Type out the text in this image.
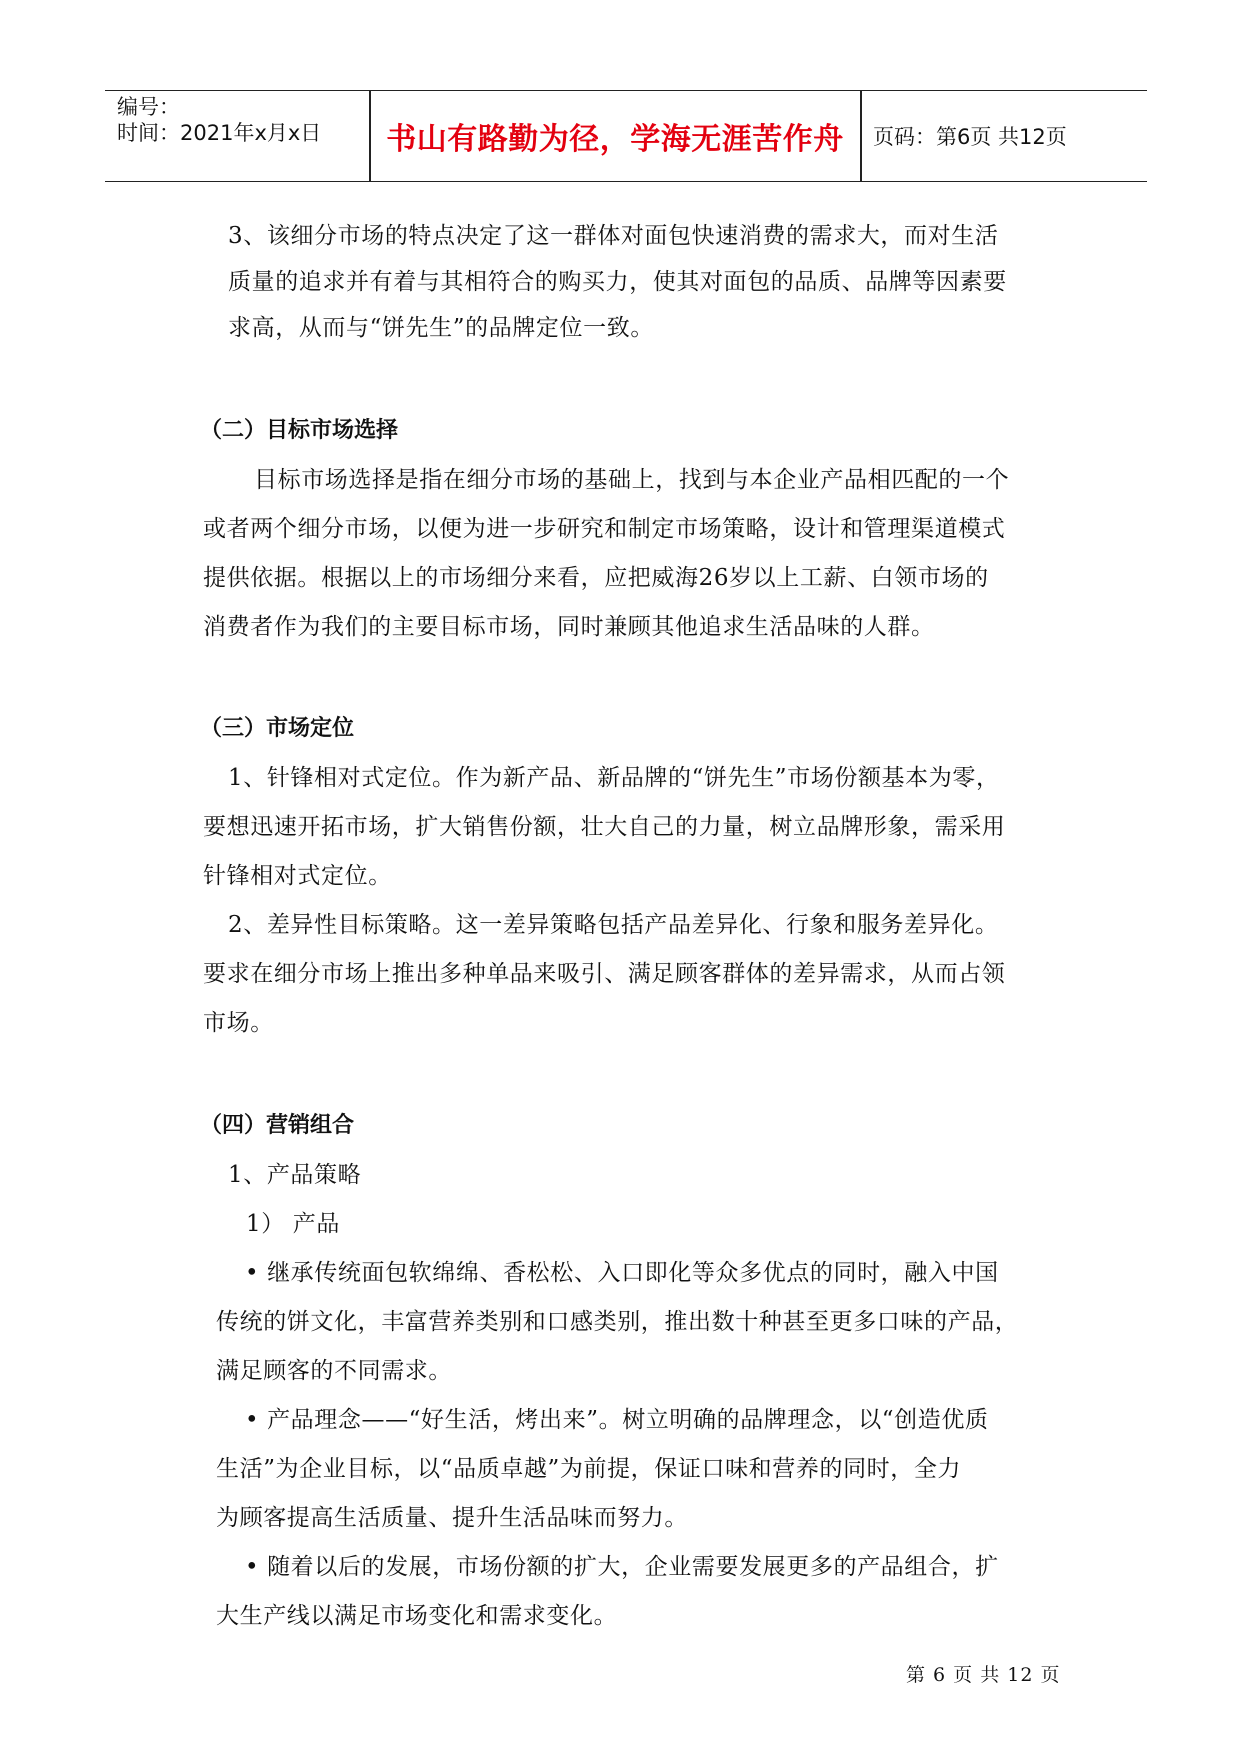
编号：
时间：2021年x月x日	书山有路勤为径，学海无涯苦作舟	页码：第6页 共12页
3、该细分市场的特点决定了这一群体对面包快速消费的需求大，而对生活
质量的追求并有着与其相符合的购买力，使其对面包的品质、品牌等因素要
求高，从而与“饼先生”的品牌定位一致。
（二）目标市场选择
目标市场选择是指在细分市场的基础上，找到与本企业产品相匹配的一个
或者两个细分市场，以便为进一步研究和制定市场策略，设计和管理渠道模式
提供依据。根据以上的市场细分来看，应把威海26岁以上工薪、白领市场的
消费者作为我们的主要目标市场，同时兼顾其他追求生活品味的人群。
（三）市场定位
1、针锋相对式定位。作为新产品、新品牌的“饼先生”市场份额基本为零，
要想迅速开拓市场，扩大销售份额，壮大自己的力量，树立品牌形象，需采用
针锋相对式定位。
2、差异性目标策略。这一差异策略包括产品差异化、行象和服务差异化。
要求在细分市场上推出多种单品来吸引、满足顾客群体的差异需求，从而占领
市场。
（四）营销组合
1、产品策略
1） 产品
• 继承传统面包软绵绵、香松松、入口即化等众多优点的同时，融入中国
传统的饼文化，丰富营养类别和口感类别，推出数十种甚至更多口味的产品，
满足顾客的不同需求。
• 产品理念——“好生活，烤出来”。树立明确的品牌理念，以“创造优质
生活”为企业目标，以“品质卓越”为前提，保证口味和营养的同时，全力
为顾客提高生活质量、提升生活品味而努力。
• 随着以后的发展，市场份额的扩大，企业需要发展更多的产品组合，扩
大生产线以满足市场变化和需求变化。
第 6 页 共 12 页
